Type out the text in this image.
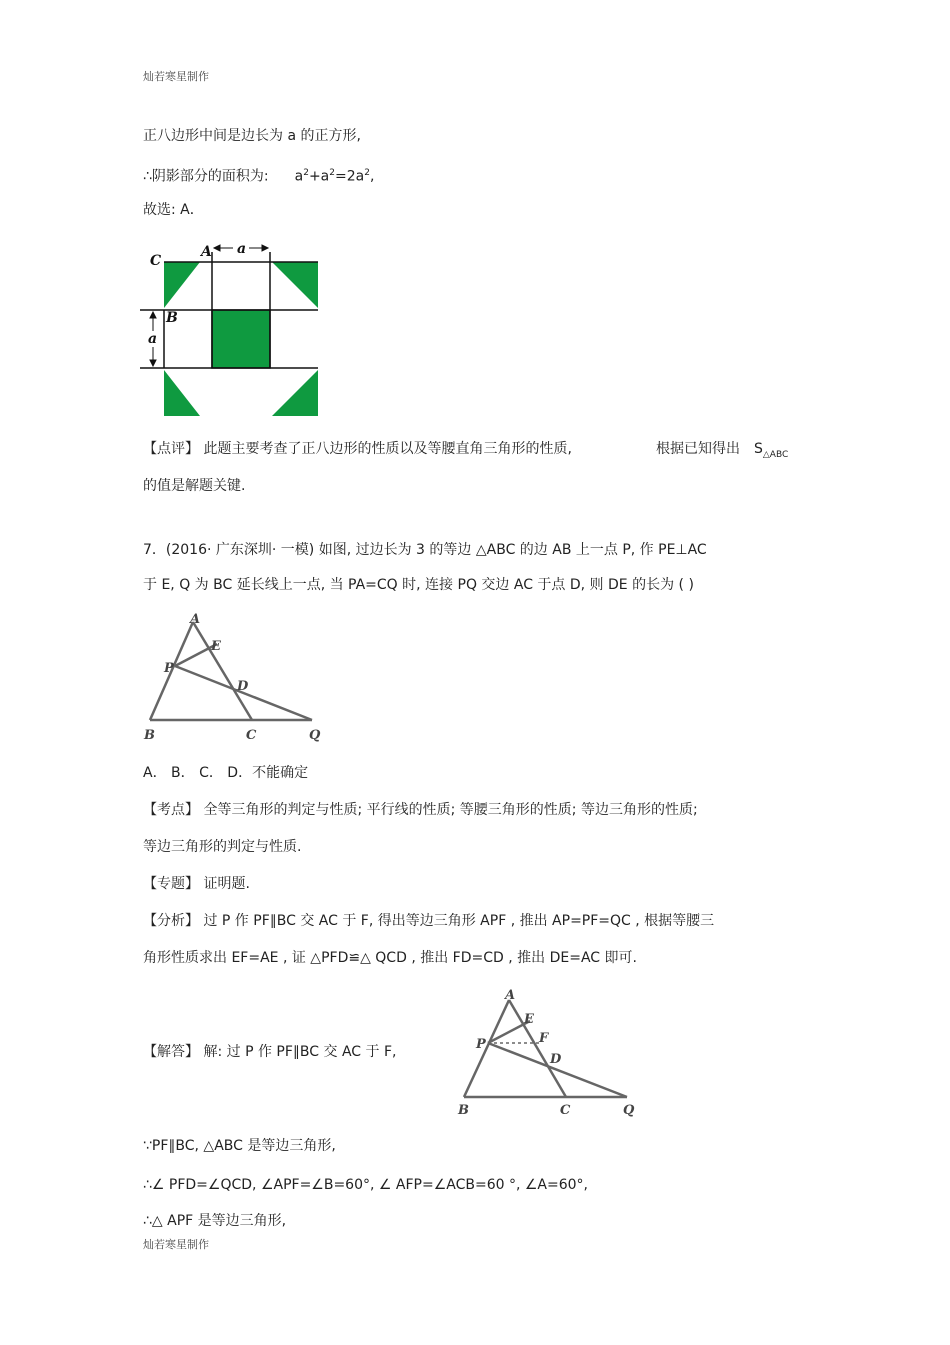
灿若寒星制作
正八边形中间是边长为 a 的正方形,
∴阴影部分的面积为: $a^2+a^2=2a^2$,
故选: A．
a
a
C
A
B
【点评】 此题主要考查了正八边形的性质以及等腰直角三角形的性质,	根据已知得出 $S_{\triangle ABC}$
的值是解题关键.
7．(2016· 广东深圳· 一模) 如图, 过边长为 3 的等边 △ABC 的边 AB 上一点 P, 作 PE⊥AC
于 E, Q 为 BC 延长线上一点, 当 PA=CQ 时, 连接 PQ 交边 AC 于点 D, 则 DE 的长为 ( )
A
E
P
D
B	C	Q
A． B． C． D．不能确定
【考点】 全等三角形的判定与性质; 平行线的性质; 等腰三角形的性质; 等边三角形的性质;
等边三角形的判定与性质.
【专题】 证明题.
【分析】 过 P 作 PF∥BC 交 AC 于 F, 得出等边三角形 APF , 推出 AP=PF=QC , 根据等腰三
角形性质求出 EF=AE , 证 △PFD≌△ QCD , 推出 FD=CD , 推出 DE=AC 即可.
【解答】 解: 过 P 作 PF∥BC 交 AC 于 F,
A
E
P	F
D
B	C	Q
∵PF∥BC, △ABC 是等边三角形,
∴∠ PFD=∠QCD, ∠APF=∠B=60°, ∠ AFP=∠ACB=60 °, ∠A=60°,
∴△ APF 是等边三角形,
灿若寒星制作
